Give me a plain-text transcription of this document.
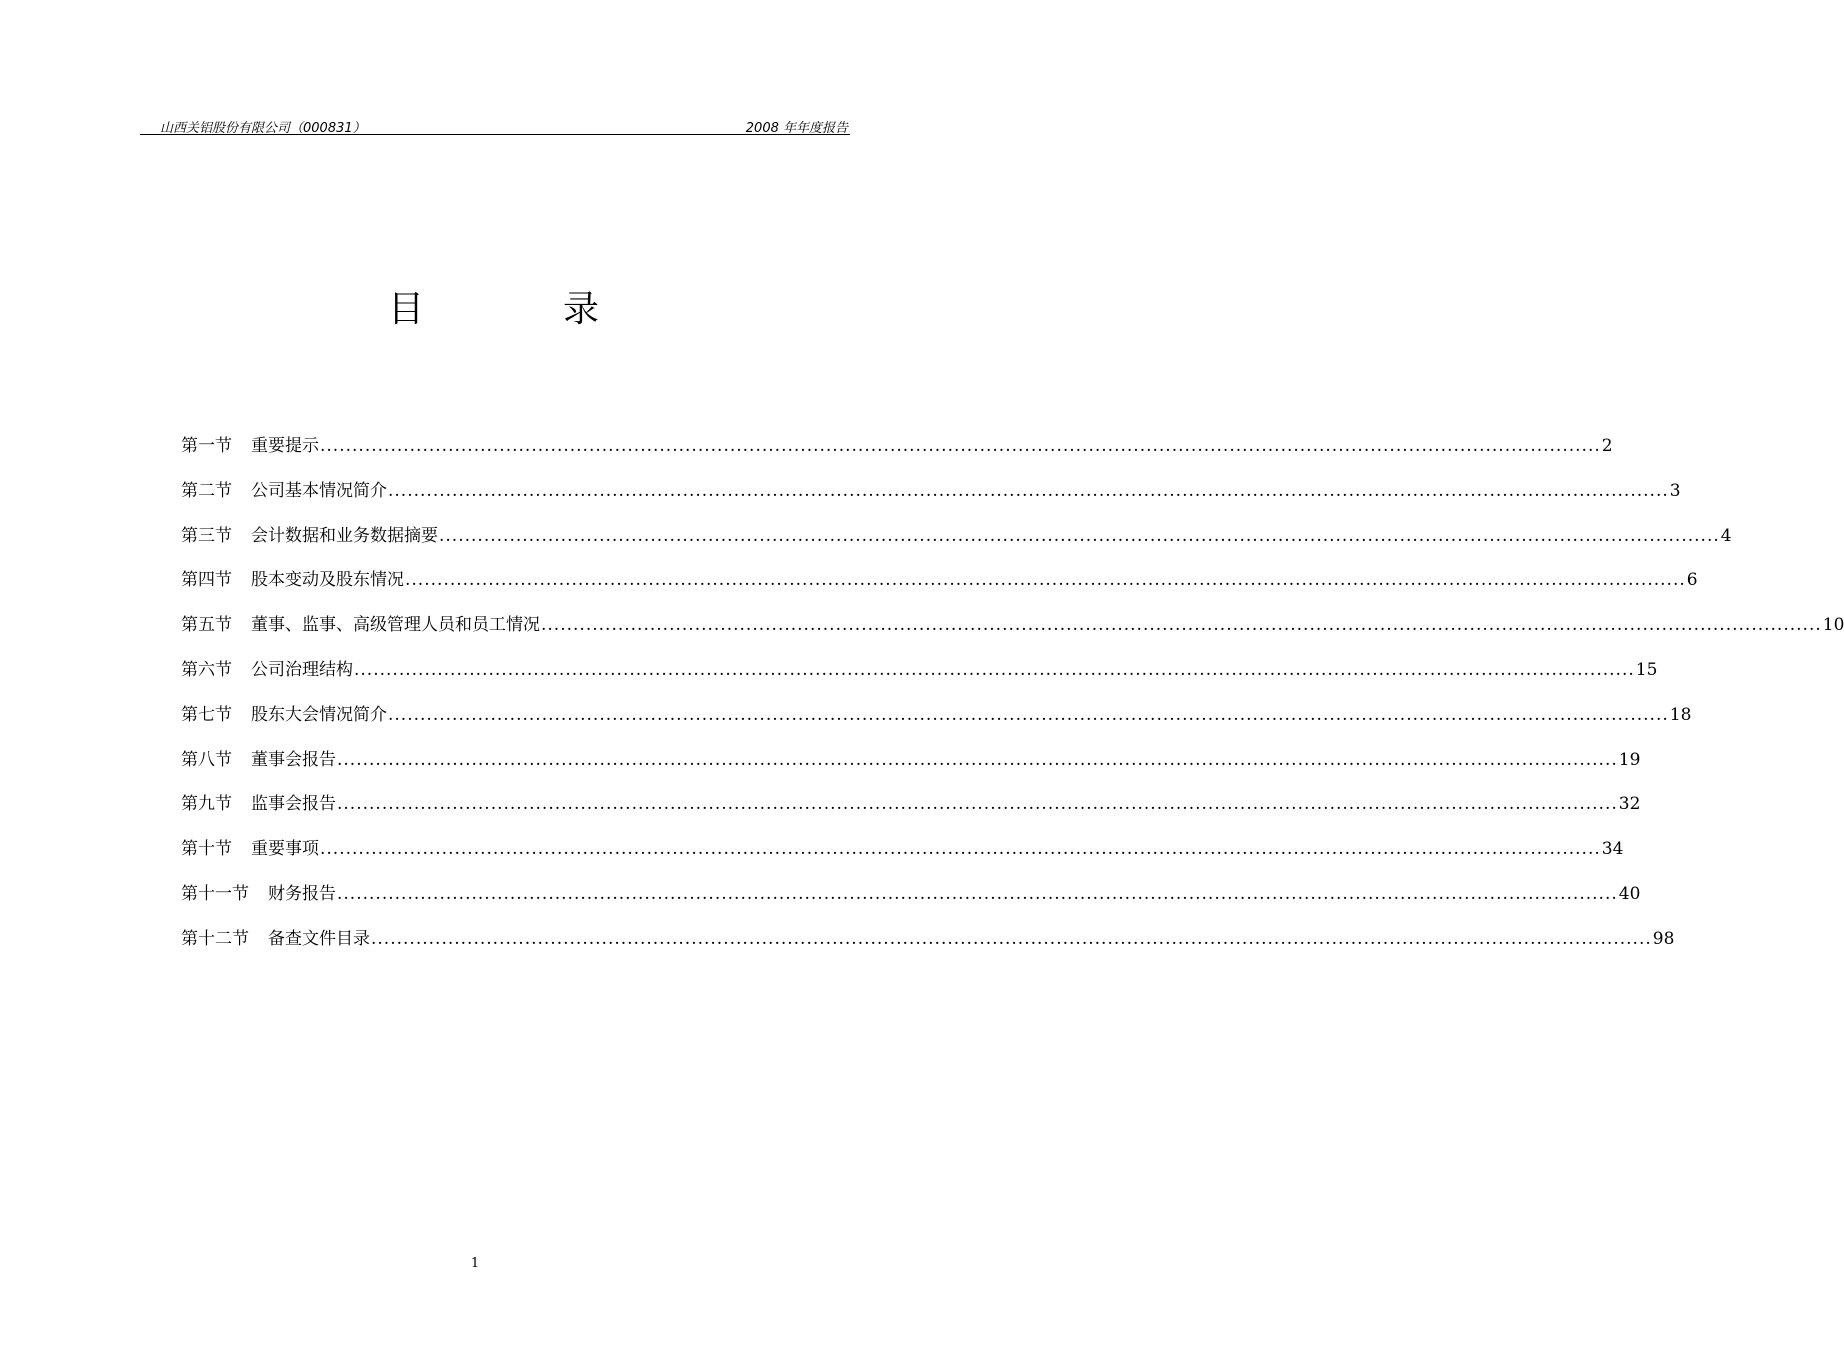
山西关铝股份有限公司（000831）	2008 年年度报告
目	录
第一节 重要提示 ........................................................................................................................................................................................................ 2
第二节 公司基本情况简介 ........................................................................................................................................................................................................ 3
第三节 会计数据和业务数据摘要 ........................................................................................................................................................................................................ 4
第四节 股本变动及股东情况 ........................................................................................................................................................................................................ 6
第五节 董事、监事、高级管理人员和员工情况 ........................................................................................................................................................................................................ 10
第六节 公司治理结构 ........................................................................................................................................................................................................ 15
第七节 股东大会情况简介 ........................................................................................................................................................................................................ 18
第八节 董事会报告 ........................................................................................................................................................................................................ 19
第九节 监事会报告 ........................................................................................................................................................................................................ 32
第十节 重要事项 ........................................................................................................................................................................................................ 34
第十一节 财务报告 ........................................................................................................................................................................................................ 40
第十二节 备查文件目录 ........................................................................................................................................................................................................ 98
1
